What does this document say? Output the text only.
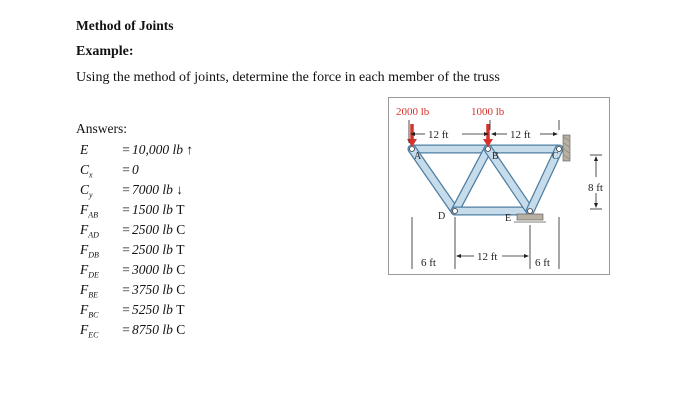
Method of Joints
Example:
Using the method of joints, determine the force in each member of the truss
Answers:
E	= 10,000 lb ↑
$C_x = 0$
$C_y = 7000$ lb ↓
$F_{AB} = 1500$ lb T
$F_{AD} = 2500$ lb C
$F_{DB} = 2500$ lb T
$F_{DE} = 3000$ lb C
$F_{BE} = 3750$ lb C
$F_{BC} = 5250$ lb T
$F_{EC} = 8750$ lb C
2000 lb	1000 lb
12 ft	12 ft
8 ft
6 ft	12 ft	6 ft
A	B	C
D	E
